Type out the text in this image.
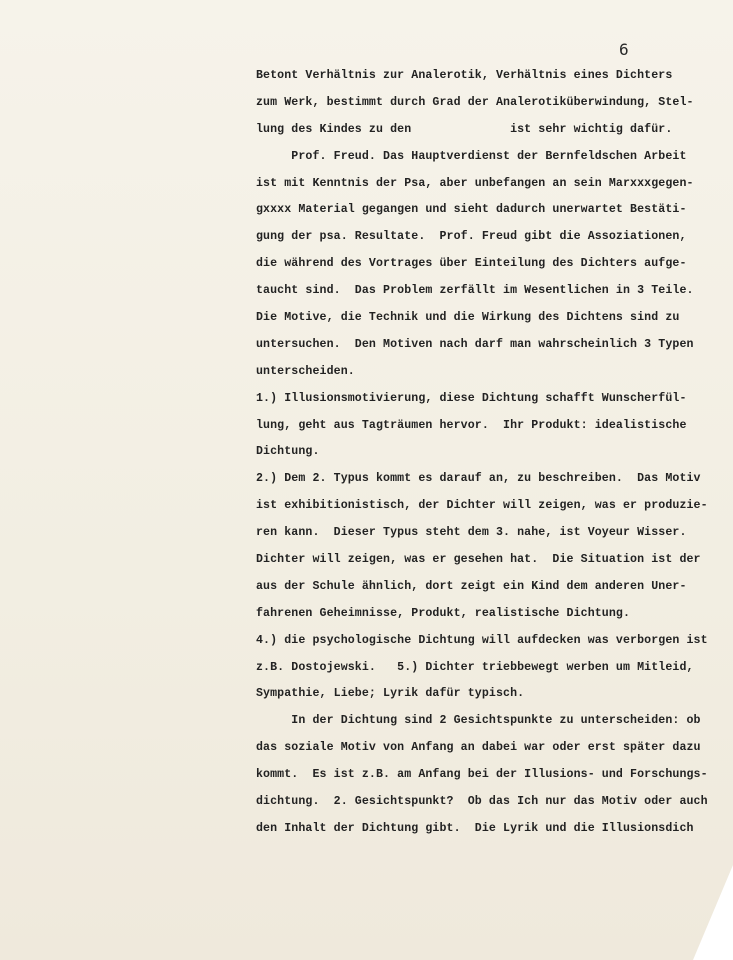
6
Betont Verhältnis zur Analerotik, Verhältnis eines Dichters
zum Werk, bestimmt durch Grad der Analerotiküberwindung, Stel-
lung des Kindes zu den              ist sehr wichtig dafür.
Prof. Freud. Das Hauptverdienst der Bernfeldschen Arbeit
ist mit Kenntnis der Psa, aber unbefangen an sein Marxxxgegen-
gxxxx Material gegangen und sieht dadurch unerwartet Bestäti-
gung der psa. Resultate.  Prof. Freud gibt die Assoziationen,
die während des Vortrages über Einteilung des Dichters aufge-
taucht sind.  Das Problem zerfällt im Wesentlichen in 3 Teile.
Die Motive, die Technik und die Wirkung des Dichtens sind zu
untersuchen.  Den Motiven nach darf man wahrscheinlich 3 Typen
unterscheiden.
1.) Illusionsmotivierung, diese Dichtung schafft Wunscherfül-
lung, geht aus Tagträumen hervor.  Ihr Produkt: idealistische
Dichtung.
2.) Dem 2. Typus kommt es darauf an, zu beschreiben.  Das Motiv
ist exhibitionistisch, der Dichter will zeigen, was er produzie-
ren kann.  Dieser Typus steht dem 3. nahe, ist Voyeur Wisser.
Dichter will zeigen, was er gesehen hat.  Die Situation ist der
aus der Schule ähnlich, dort zeigt ein Kind dem anderen Uner-
fahrenen Geheimnisse, Produkt, realistische Dichtung.
4.) die psychologische Dichtung will aufdecken was verborgen ist
z.B. Dostojewski.   5.) Dichter triebbewegt werben um Mitleid,
Sympathie, Liebe; Lyrik dafür typisch.
In der Dichtung sind 2 Gesichtspunkte zu unterscheiden: ob
das soziale Motiv von Anfang an dabei war oder erst später dazu
kommt.  Es ist z.B. am Anfang bei der Illusions- und Forschungs-
dichtung.  2. Gesichtspunkt?  Ob das Ich nur das Motiv oder auch
den Inhalt der Dichtung gibt.  Die Lyrik und die Illusionsdich
